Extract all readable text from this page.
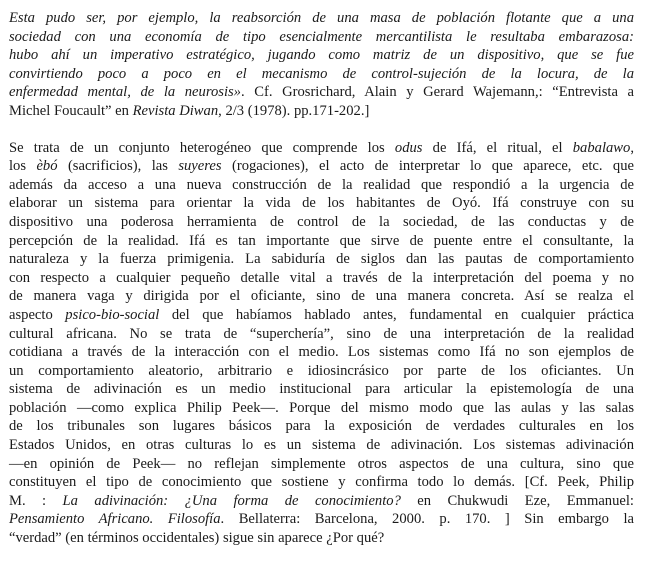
Esta pudo ser, por ejemplo, la reabsorción de una masa de población flotante que a una
sociedad con una economía de tipo esencialmente mercantilista le resultaba embarazosa:
hubo ahí un imperativo estratégico, jugando como matriz de un dispositivo, que se fue
convirtiendo poco a poco en el mecanismo de control-sujeción de la locura, de la
enfermedad mental, de la neurosis». Cf. Grosrichard, Alain y Gerard Wajemann,: “Entrevista a
Michel Foucault” en Revista Diwan, 2/3 (1978). pp.171-202.]
Se trata de un conjunto heterogéneo que comprende los odus de Ifá, el ritual, el babalawo,
los èbó (sacrificios), las suyeres (rogaciones), el acto de interpretar lo que aparece, etc. que
además da acceso a una nueva construcción de la realidad que respondió a la urgencia de
elaborar un sistema para orientar la vida de los habitantes de Oyó. Ifá construye con su
dispositivo una poderosa herramienta de control de la sociedad, de las conductas y de
percepción de la realidad. Ifá es tan importante que sirve de puente entre el consultante, la
naturaleza y la fuerza primigenia. La sabiduría de siglos dan las pautas de comportamiento
con respecto a cualquier pequeño detalle vital a través de la interpretación del poema y no
de manera vaga y dirigida por el oficiante, sino de una manera concreta. Así se realza el
aspecto psico-bio-social del que habíamos hablado antes, fundamental en cualquier práctica
cultural africana. No se trata de “superchería”, sino de una interpretación de la realidad
cotidiana a través de la interacción con el medio. Los sistemas como Ifá no son ejemplos de
un comportamiento aleatorio, arbitrario e idiosincrásico por parte de los oficiantes. Un
sistema de adivinación es un medio institucional para articular la epistemología de una
población —como explica Philip Peek—. Porque del mismo modo que las aulas y las salas
de los tribunales son lugares básicos para la exposición de verdades culturales en los
Estados Unidos, en otras culturas lo es un sistema de adivinación. Los sistemas adivinación
—en opinión de Peek— no reflejan simplemente otros aspectos de una cultura, sino que
constituyen el tipo de conocimiento que sostiene y confirma todo lo demás. [Cf. Peek, Philip
M. : La adivinación: ¿Una forma de conocimiento? en Chukwudi Eze, Emmanuel:
Pensamiento Africano. Filosofía. Bellaterra: Barcelona, 2000. p. 170. ] Sin embargo la
“verdad” (en términos occidentales) sigue sin aparece ¿Por qué?
